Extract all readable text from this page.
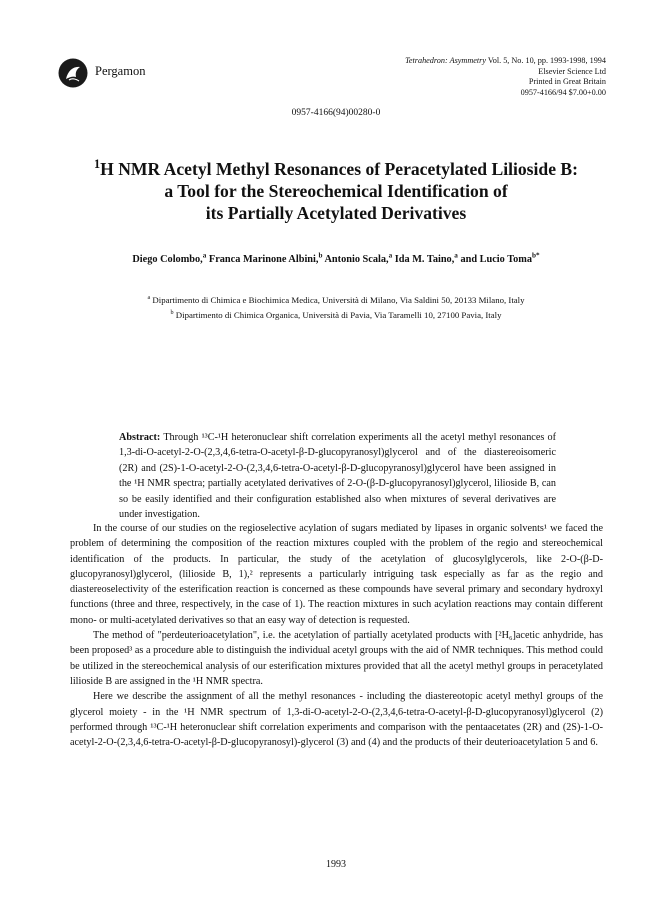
Pergamon
Tetrahedron: Asymmetry Vol. 5, No. 10, pp. 1993-1998, 1994
Elsevier Science Ltd
Printed in Great Britain
0957-4166/94 $7.00+0.00
0957-4166(94)00280-0
$^1$H NMR Acetyl Methyl Resonances of Peracetylated Lilioside B:
a Tool for the Stereochemical Identification of
its Partially Acetylated Derivatives
Diego Colombo,$^a$ Franca Marinone Albini,$^b$ Antonio Scala,$^a$ Ida M. Taino,$^a$ and Lucio Toma$^{b*}$
$^a$ Dipartimento di Chimica e Biochimica Medica, Università di Milano, Via Saldini 50, 20133 Milano, Italy
$^b$ Dipartimento di Chimica Organica, Università di Pavia, Via Taramelli 10, 27100 Pavia, Italy
Abstract: Through ¹³C-¹H heteronuclear shift correlation experiments all the acetyl methyl resonances of 1,3-di-O-acetyl-2-O-(2,3,4,6-tetra-O-acetyl-β-D-glucopyranosyl)glycerol and of the diastereoisomeric (2R) and (2S)-1-O-acetyl-2-O-(2,3,4,6-tetra-O-acetyl-β-D-glucopyranosyl)glycerol have been assigned in the ¹H NMR spectra; partially acetylated derivatives of 2-O-(β-D-glucopyranosyl)glycerol, lilioside B, can so be easily identified and their configuration established also when mixtures of several derivatives are under investigation.

In the course of our studies on the regioselective acylation of sugars mediated by lipases in organic solvents¹ we faced the problem of determining the composition of the reaction mixtures coupled with the problem of the regio and stereochemical identification of the products. In particular, the study of the acetylation of glucosylglycerols, like 2-O-(β-D-glucopyranosyl)glycerol, (lilioside B, 1),² represents a particularly intriguing task especially as far as the regio and diastereoselectivity of the esterification reaction is concerned as these compounds have several primary and secondary hydroxyl functions (three and three, respectively, in the case of 1). The reaction mixtures in such acylation reactions may contain different mono- or multi-acetylated derivatives so that an easy way of detection is requested.

The method of "perdeuterioacetylation", i.e. the acetylation of partially acetylated products with [²H₆]acetic anhydride, has been proposed³ as a procedure able to distinguish the individual acetyl groups with the aid of NMR techniques. This method could be utilized in the stereochemical analysis of our esterification mixtures provided that all the acetyl methyl groups in peracetylated lilioside B are assigned in the ¹H NMR spectra.

Here we describe the assignment of all the methyl resonances - including the diastereotopic acetyl methyl groups of the glycerol moiety - in the ¹H NMR spectrum of 1,3-di-O-acetyl-2-O-(2,3,4,6-tetra-O-acetyl-β-D-glucopyranosyl)glycerol (2) performed through ¹³C-¹H heteronuclear shift correlation experiments and comparison with the pentaacetates (2R) and (2S)-1-O-acetyl-2-O-(2,3,4,6-tetra-O-acetyl-β-D-glucopyranosyl)-glycerol (3) and (4) and the products of their deuterioacetylation 5 and 6.

1993
